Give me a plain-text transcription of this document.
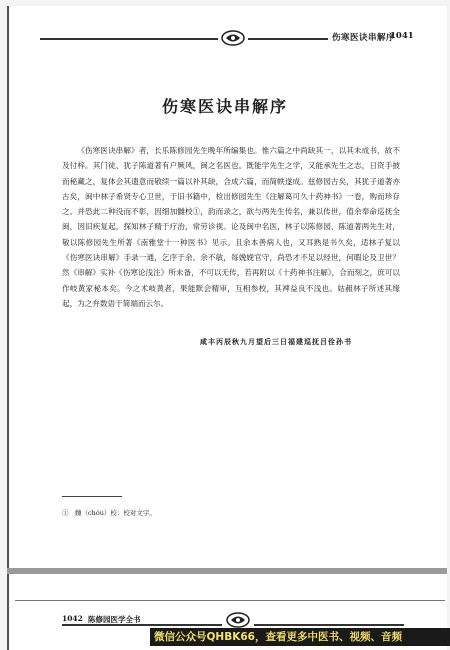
伤寒医诀串解序
1041
伤寒医诀串解序

《伤寒医诀串解》者，长乐陈修园先生晚年所编集也。惟六篇之中尚缺其一，以其未成书，故不及付梓。其门徒、犹子陈道著有户厥风，闽之名医也。既能学先生之学，又能承先生之志，日资手披而秘藏之，复体会其遗意而敬续一篇以补其缺，合成六篇，而简帙遂成。兹修园古矣，其犹子道著亦古矣，闽中林子希贤专心卫世，于旧书籍中，检出修园先生《注解葛可久十药神书》一卷，购而珍存之。并恐此二种没而不彰，因细加雠校①，韵而录之，欲与两先生传名，兼以传世，值余奉命巡抚全闽，因旧疾复起，探知林子精于疗治，常劳诊视。论及闽中名医，林子以陈修园、陈道著两先生对，敬以陈修园先生所著《南雅堂十一种医书》见示。且余本善病人也，又耳熟是书久矣，适林子复以《伤寒医诀串解》手录一通，乞序于余。余不敏，每娩娩官守，尚恐才不足以经世，何暇论及卫世？然《串解》实补《伤寒论浅注》所未备，不可以无传，若再附以《十药神书注解》，合而刻之，庶可以作岐黄家秘本矣。今之术岐黄者，果能默会精审，互相参校，其裨益良不浅也。姑赧林子所述其缘起，为之弁数语于简端而云尔。

咸丰丙辰秋九月望后三日福建巡抚吕佺孙书
①　雠（chóu）校：校对文字。
1042 陈修园医学全书
微信公众号QHBK66，查看更多中医书、视频、音频
